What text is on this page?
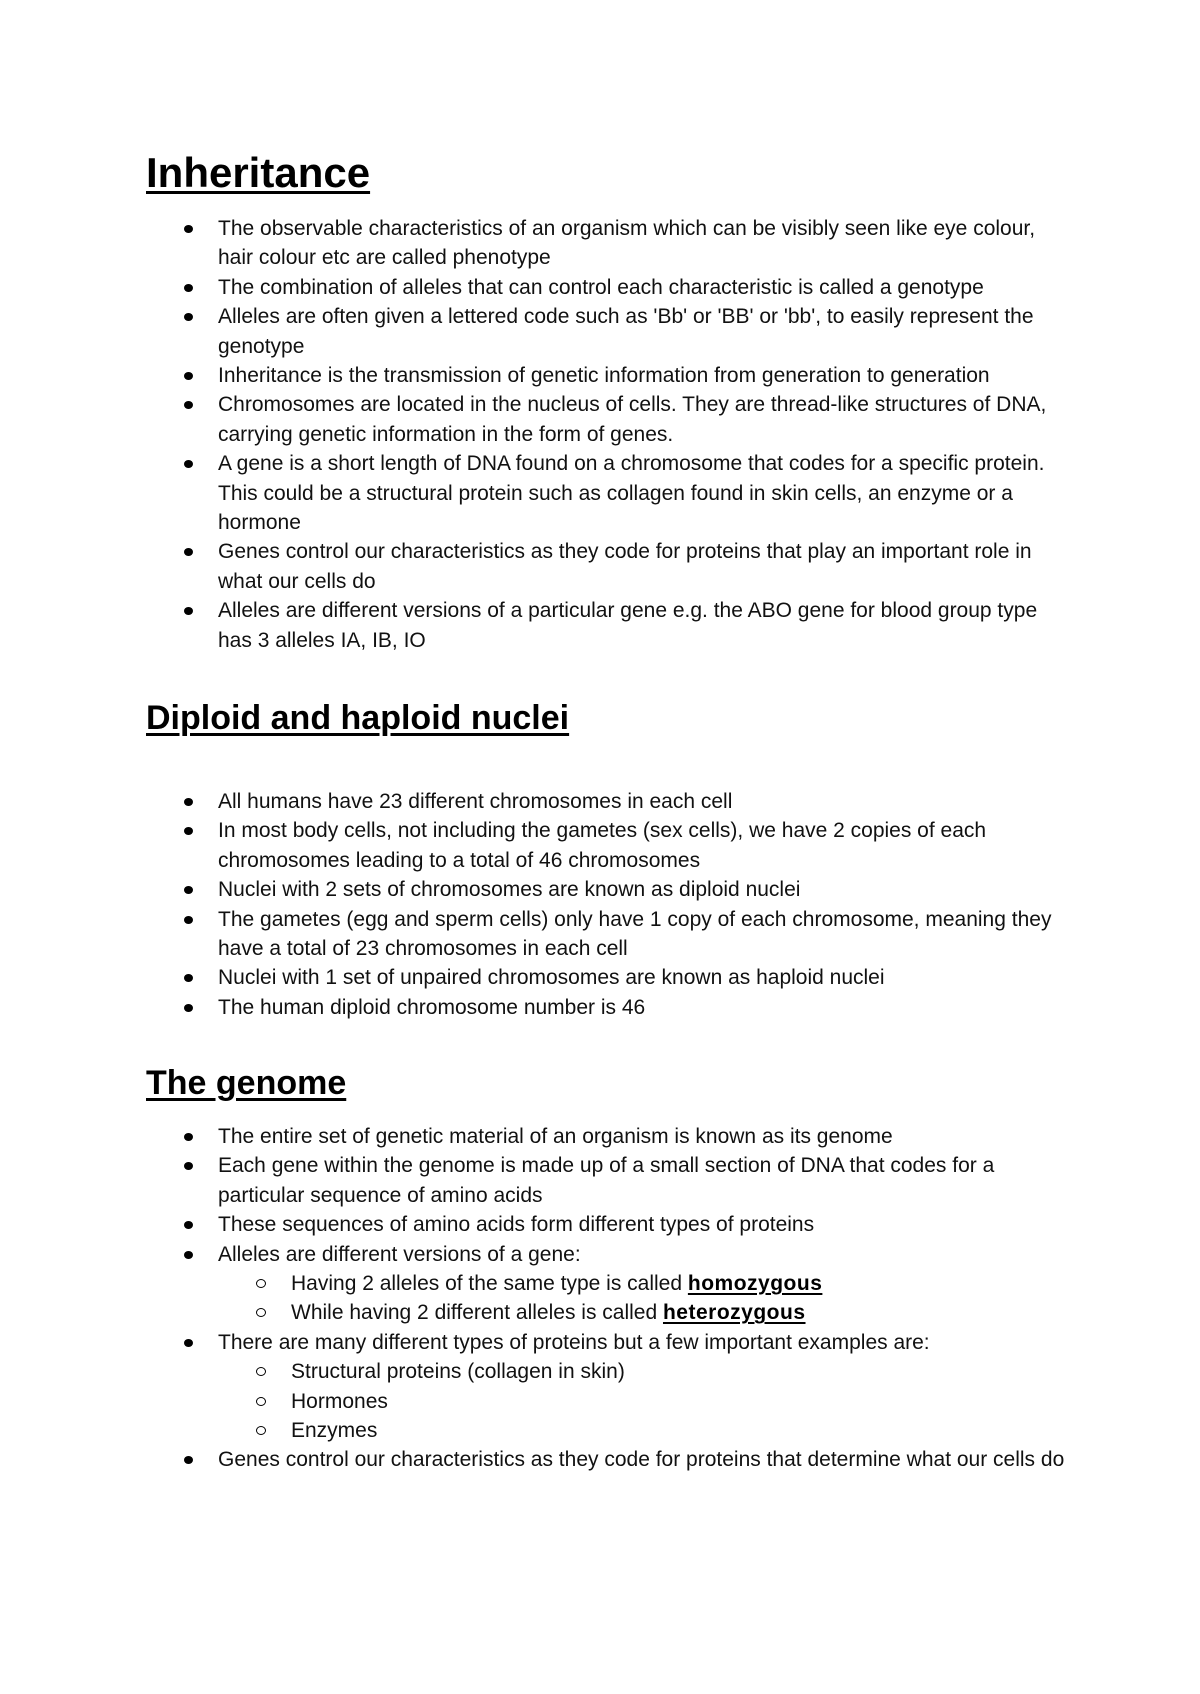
Inheritance
The observable characteristics of an organism which can be visibly seen like eye colour, hair colour etc are called phenotype
The combination of alleles that can control each characteristic is called a genotype
Alleles are often given a lettered code such as 'Bb' or 'BB' or 'bb', to easily represent the genotype
Inheritance is the transmission of genetic information from generation to generation
Chromosomes are located in the nucleus of cells. They are thread-like structures of DNA, carrying genetic information in the form of genes.
A gene is a short length of DNA found on a chromosome that codes for a specific protein. This could be a structural protein such as collagen found in skin cells, an enzyme or a hormone
Genes control our characteristics as they code for proteins that play an important role in what our cells do
Alleles are different versions of a particular gene e.g. the ABO gene for blood group type has 3 alleles IA, IB, IO
Diploid and haploid nuclei
All humans have 23 different chromosomes in each cell
In most body cells, not including the gametes (sex cells), we have 2 copies of each chromosomes leading to a total of 46 chromosomes
Nuclei with 2 sets of chromosomes are known as diploid nuclei
The gametes (egg and sperm cells) only have 1 copy of each chromosome, meaning they have a total of 23 chromosomes in each cell
Nuclei with 1 set of unpaired chromosomes are known as haploid nuclei
The human diploid chromosome number is 46
The genome
The entire set of genetic material of an organism is known as its genome
Each gene within the genome is made up of a small section of DNA that codes for a particular sequence of amino acids
These sequences of amino acids form different types of proteins
Alleles are different versions of a gene:
Having 2 alleles of the same type is called homozygous
While having 2 different alleles is called heterozygous
There are many different types of proteins but a few important examples are:
Structural proteins (collagen in skin)
Hormones
Enzymes
Genes control our characteristics as they code for proteins that determine what our cells do
